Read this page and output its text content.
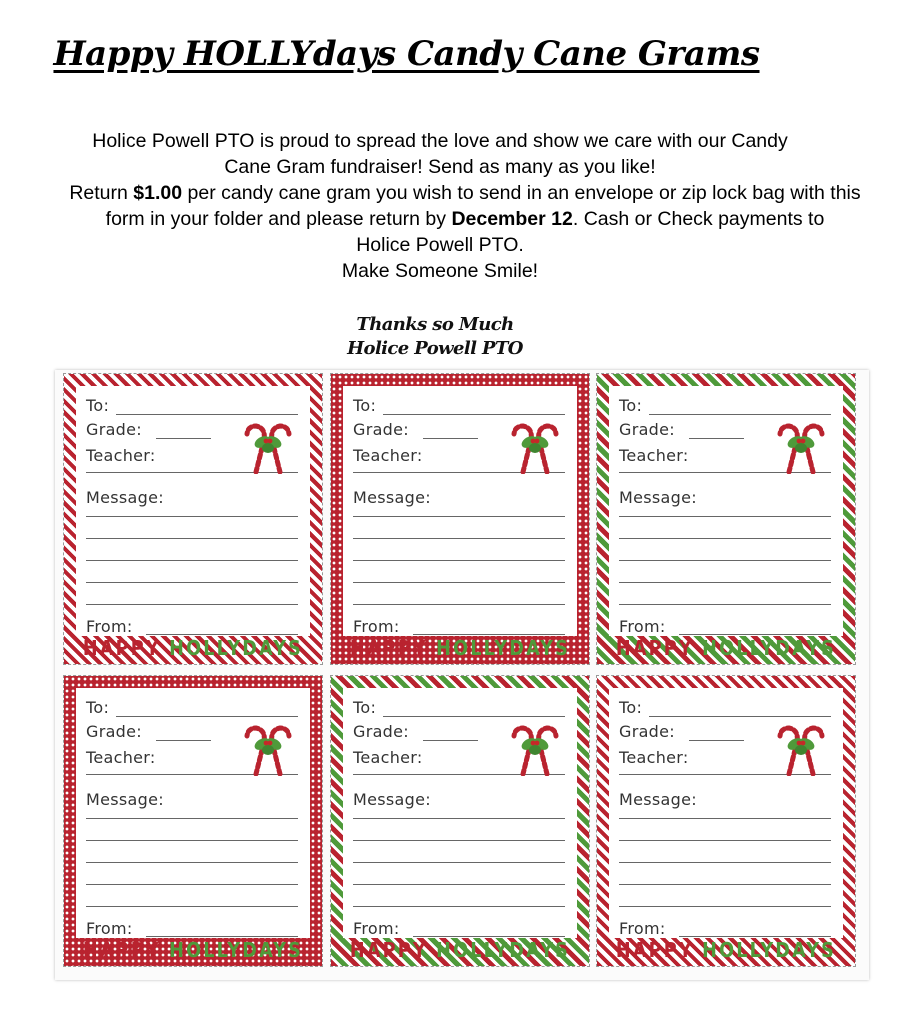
Happy HOLLYdays Candy Cane Grams
Holice Powell PTO is proud to spread the love and show we care with our Candy
Cane Gram fundraiser! Send as many as you like!
Return $1.00 per candy cane gram you wish to send in an envelope or zip lock bag with this
form in your folder and please return by December 12. Cash or Check payments to
Holice Powell PTO.
Make Someone Smile!
Thanks so Much
Holice Powell PTO
To:
Grade:
Teacher:
Message:
From:
HAPPY HOLLYDAYS
To:
Grade:
Teacher:
Message:
From:
HAPPY HOLLYDAYS
To:
Grade:
Teacher:
Message:
From:
HAPPY HOLLYDAYS
To:
Grade:
Teacher:
Message:
From:
HAPPY HOLLYDAYS
To:
Grade:
Teacher:
Message:
From:
HAPPY HOLLYDAYS
To:
Grade:
Teacher:
Message:
From:
HAPPY HOLLYDAYS
